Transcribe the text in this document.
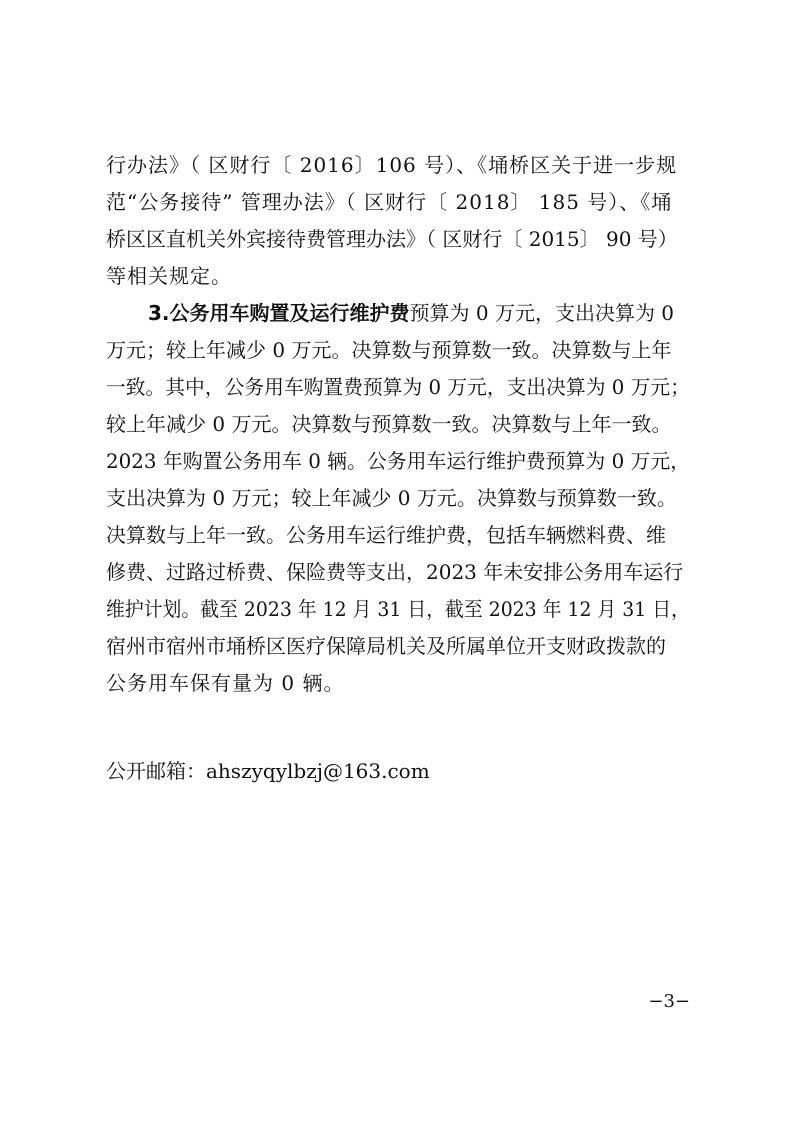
行办法》（ 区财行〔 2016〕106 号）、《埇桥区关于进一步规
范“公务接待” 管理办法》（ 区财行〔 2018〕 185 号）、《埇
桥区区直机关外宾接待费管理办法》（ 区财行〔 2015〕 90 号）
等相关规定。
3.公务用车购置及运行维护费预算为 0 万元，支出决算为 0
万元；较上年减少 0 万元。决算数与预算数一致。决算数与上年
一致。其中，公务用车购置费预算为 0 万元，支出决算为 0 万元；
较上年减少 0 万元。决算数与预算数一致。决算数与上年一致。
2023 年购置公务用车 0 辆。公务用车运行维护费预算为 0 万元，
支出决算为 0 万元；较上年减少 0 万元。决算数与预算数一致。
决算数与上年一致。公务用车运行维护费，包括车辆燃料费、维
修费、过路过桥费、保险费等支出，2023 年未安排公务用车运行
维护计划。截至 2023 年 12 月 31 日，截至 2023 年 12 月 31 日，
宿州市宿州市埇桥区医疗保障局机关及所属单位开支财政拨款的
公务用车保有量为 0 辆。
公开邮箱：ahszyqylbzj@163.com
−3−
